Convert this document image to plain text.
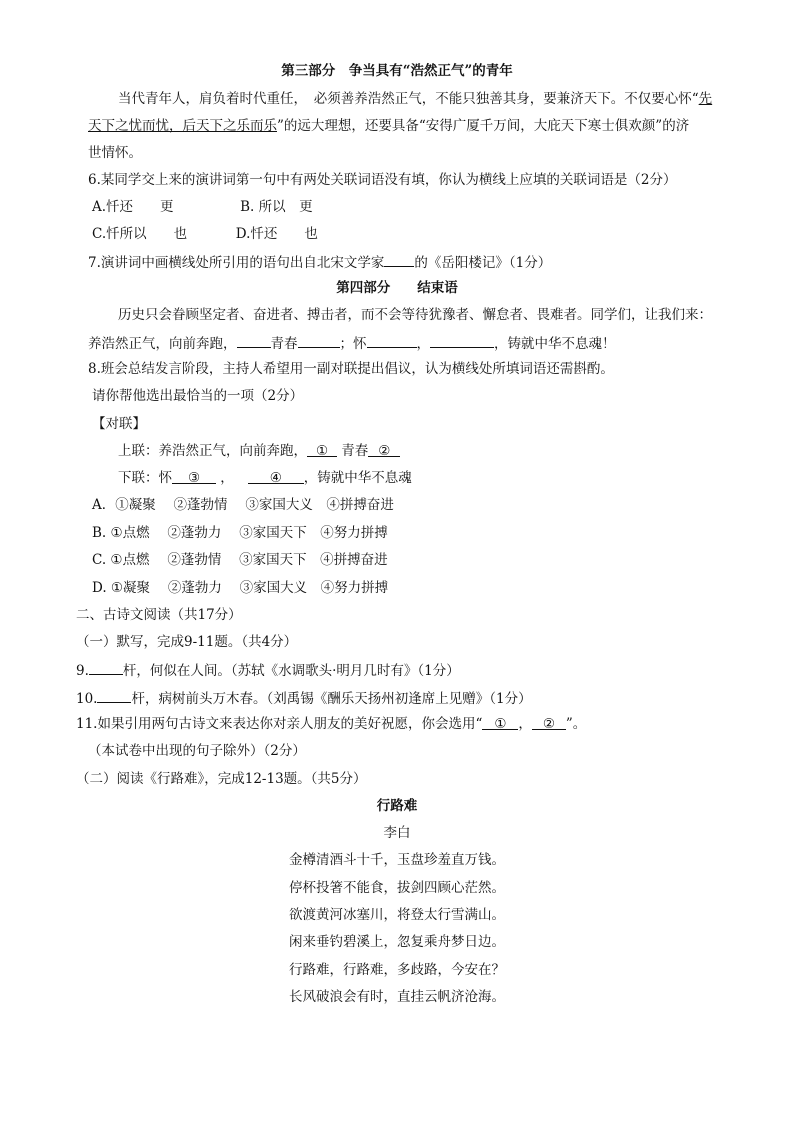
第三部分　争当具有“浩然正气”的青年
当代青年人，肩负着时代重任，　必须善养浩然正气，不能只独善其身，要兼济天下。不仅要心怀“先
天下之忧而忧，后天下之乐而乐”的远大理想，还要具备“安得广厦千万间，大庇天下寒士俱欢颜”的济
世情怀。
6.某同学交上来的演讲词第一句中有两处关联词语没有填，你认为横线上应填的关联词语是（2分）
A.忏还　　更	B. 所以　更
C.忏所以　　也	D.忏还　　也
7.演讲词中画横线处所引用的语句出自北宋文学家 的《岳阳楼记》（1分）
第四部分　　结束语
历史只会眷顾坚定者、奋进者、搏击者，而不会等待犹豫者、懈怠者、畏难者。同学们，让我们来：
养浩然正气，向前奔跑，	青春	；怀	，	，铸就中华不息魂！
8.班会总结发言阶段，主持人希望用一副对联提出倡议，认为横线处所填词语还需斟酌。
请你帮他选出最恰当的一项（2分）
【对联】
上联：养浩然正气，向前奔跑， ① 青春 ②
下联：怀 ③ ，	④ ，铸就中华不息魂
A．①凝聚　 ②蓬勃情　 ③家国大义　④拼搏奋进
B. ①点燃　 ②蓬勃力　 ③家国天下　④努力拼搏
C. ①点燃　 ②蓬勃情　 ③家国天下　④拼搏奋进
D. ①凝聚　 ②蓬勃力　 ③家国大义　④努力拼搏
二、古诗文阅读（共17分）
（一）默写，完成9-11题。（共4分）
9.	杆，何似在人间。（苏轼《水调歌头·明月几时有》（1分）
10.	杆，病树前头万木春。（刘禹锡《酬乐天扬州初逢席上见赠》（1分）
11.如果引用两句古诗文来表达你对亲人朋友的美好祝愿，你会选用“ ① ， ② ”。
（本试卷中出现的句子除外）（2分）
（二）阅读《行路难》，完成12-13题。（共5分）
行路难
李白
金樽清酒斗十千，玉盘珍羞直万钱。
停杯投箸不能食，拔剑四顾心茫然。
欲渡黄河冰塞川，将登太行雪满山。
闲来垂钓碧溪上，忽复乘舟梦日边。
行路难，行路难，多歧路，今安在？
长风破浪会有时，直挂云帆济沧海。
